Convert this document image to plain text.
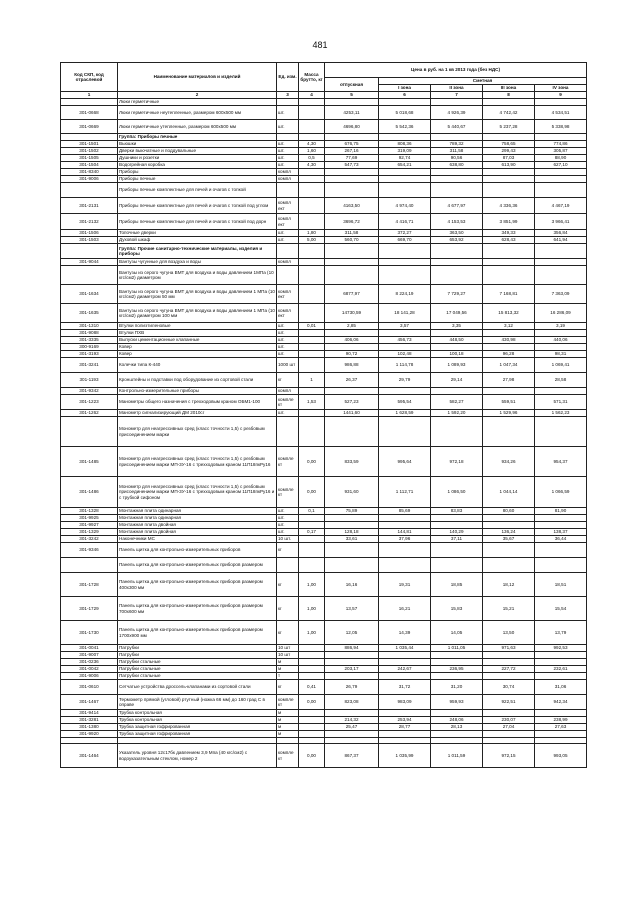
481
Код СКП, код отраслевой	Наименование материалов и изделий	Ед. изм.	Масса брутто, кг	Цена в руб. на 1 кв 2013 года (без НДС)				
				отпускная	Сметная			
					I зона	II зона	III зона	IV зона
1	2	3	4	5	6	7	8	9
	Люки герметичные							
301-0668	Люки герметичные неутепленные, размером 600х500 мм	шт.		4253,11	5 018,68	4 926,39	4 742,42	4 534,51
301-0669	Люки герметичные утепленные, размером 600х500 мм	шт.		4696,80	5 542,36	5 440,67	5 237,28	5 338,98
	Группа: Приборы печные							
301-1501	Вьюшки	шт.	4,30	676,75	808,36	789,32	758,65	774,86
301-1502	Дверки выючатные и поддувальные	шт.	1,60	267,16	319,09	311,58	299,43	305,87
301-1505	Душники и розетки	шт.	0,5	77,69	92,74	90,56	87,03	88,90
301-1504	Водогрейная коробка	шт.	4,30	547,73	654,21	638,80	613,90	627,10
301-8340	Приборы	компл						
301-9006	Приборы печные	компл						
	Приборы печные комплектные для печей и очагов с топкой							
301-2131	Приборы печные комплектные для печей и очагов с топкой под углом	компл ект		4163,50	4 974,40	4 677,97	4 336,36	4 467,19
301-2132	Приборы печные комплектные для печей и очагов с топкой под дорн	компл ект		3696,72	4 416,71	4 153,53	3 851,99	3 966,41
301-1506	Топочные дверки	шт.	1,80	311,58	372,27	363,50	349,33	356,84
301-1503	Духовой шкаф	шт.	5,00	560,70	669,70	653,92	628,43	641,94
	Группа: Прочие санитарно-технические материалы, изделия и приборы							
301-9044	Вантузы чугунные для воздуха и воды	компл						
	Вантузы из серого чугуна ВМТ для воздуха и воды давлением 1МПа (10 кгс/см2) диаметром							
301-1634	Вантузы из серого чугуна ВМТ для воздуха и воды давлением 1 МПа (10 кгс/см2) диаметром 50 мм	компл ект		6877,97	8 224,19	7 729,27	7 168,81	7 363,09
301-1635	Вантузы из серого чугуна ВМТ для воздуха и воды давлением 1 МПа (10 кгс/см2) диаметром 100 мм	компл ект		14730,59	18 141,28	17 049,56	15 813,32	16 286,09
301-1310	Втулки полиэтиленовые	шт.	0,01	2,85	3,57	3,35	3,12	3,19
301-9088	Втулки ПХВ	шт.						
301-3335	Выпуски цементационные клапанные	шт.		406,06	456,73	448,50	430,98	440,06
300-9169	Ковер	шт.						
301-3193	Ковер	шт.		90,72	102,48	100,18	96,28	98,31
301-3241	Колечки типа К-440	1000 шт		986,88	1 114,78	1 089,93	1 047,34	1 069,41
301-1193	Кронштейны и подставки под оборудование из сортовой стали	кг	1	26,37	29,79	29,14	27,98	28,58
301-9342	Контрольно-измерительные приборы	компл						
301-1223	Манометры общего назначения с трехходовым краном ОБМ1-100	компле кт	1,53	527,23	595,54	582,27	559,51	571,31
301-1262	Манометр сигнализирующий ДМ 2010сг	шт.		1441,60	1 628,59	1 592,20	1 529,96	1 562,23
	Монометр для неагрессивных сред (класс точности 1,5) с резбовым присоединением марки							
301-1485	Монометр для неагрессивных сред (класс точности 1,5) с резбовым присоединением марки МП-3У-16 с трехходовым краном 11П18пкРу16	компле кт	0,00	833,59	995,64	972,18	934,26	954,37
301-1486	Монометр для неагрессивных сред (класс точности 1,5) с резбовым присоединением марки МП-3У-16 с трехходовым краном 11П18пкРу16 и с трубкой сифоном	компле кт	0,00	931,60	1 112,71	1 086,50	1 044,14	1 066,59
301-1328	Монтажная плита одинарная	шт.	0,1	75,89	85,69	83,83	80,60	81,90
301-9925	Монтажная плита одинарная	шт.						
301-9927	Монтажная плита двойная	шт.						
301-1329	Монтажная плита двойная	шт.	0,17	128,18	144,81	140,29	136,24	138,37
301-3242	Наконечники МС	10 шт.		33,61	37,96	37,11	35,67	36,44
301-9346	Панель щитка для контрольно-измерительных приборов	кг						
	Панель щитка для контрольно-измерительных приборов размером							
301-1728	Панель щитка для контрольно-измерительных приборов размером 400х300 мм	кг	1,00	16,16	19,31	18,85	18,12	18,51
301-1729	Панель щитка для контрольно-измерительных приборов размером 700х600 мм	кг	1,00	13,57	16,21	15,83	15,21	15,54
301-1730	Панель щитка для контрольно-измерительных приборов размером 1700х900 мм	кг	1,00	12,05	14,39	14,05	13,50	13,79
301-0041	Патрубки	10 шт		886,94	1 035,44	1 011,05	971,63	992,53
301-9007	Патрубки	10 шт						
301-0236	Патрубки стальные	м						
301-0042	Патрубки стальные	м		203,17	242,67	236,95	227,72	232,61
301-9006	Патрубки стальные	т						
301-0610	Сетчатые устройства дроссель-клапанами из сортовой стали	кг	0,41	26,79	31,72	31,20	30,74	31,06
301-1467	Термометр прямой (угловой) ртутный (ножка 66 мм) до 160 град С в оправе	компле кт	0,00	823,08	983,09	959,93	922,51	942,34
301-9414	Трубка контрольная	м						
301-3281	Трубка контрольная	м		214,32	253,94	248,06	230,07	238,99
301-1380	Трубка защитная гофрированная	м		25,47	28,77	28,13	27,04	27,63
301-9920	Трубка защитная гофрированная	м						

301-1464	Указатель уровня 12с17бк давлением 3,9 Мпа (40 кгс/см2) с водоуказательным стеклом, номер 2	компле кт	0,00	867,37	1 035,99	1 011,59	972,15	993,05
